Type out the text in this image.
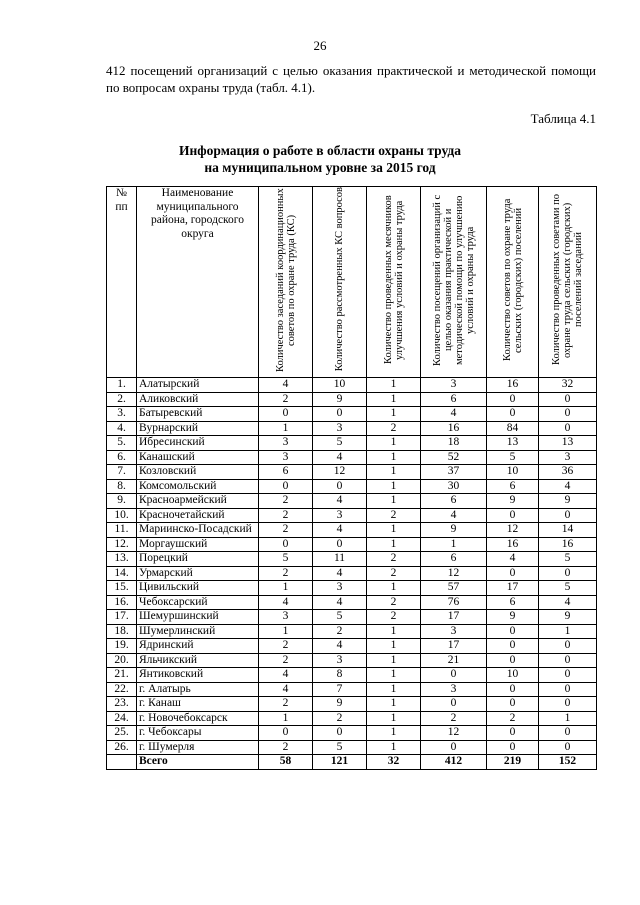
26
412 посещений организаций с целью оказания практической и методической помощи по вопросам охраны труда (табл. 4.1).
Таблица 4.1
Информация о работе в области охраны труда
на муниципальном уровне за 2015 год
№ пп	Наименование муниципального района, городского округа	Количество заседаний координационных советов по охране труда (КС)	Количество рассмотренных КС вопросов	Количество проведенных месячников улучшения условий и охраны труда	Количество посещений организаций с целью оказания практической и методической помощи по улучшению условий и охраны труда	Количество советов по охране труда сельских (городских) поселений	Количество проведенных советами по охране труда сельских (городских) поселений заседаний

1.	Алатырский	4	10	1	3	16	32
2.	Аликовский	2	9	1	6	0	0
3.	Батыревский	0	0	1	4	0	0
4.	Вурнарский	1	3	2	16	84	0
5.	Ибресинский	3	5	1	18	13	13
6.	Канашский	3	4	1	52	5	3
7.	Козловский	6	12	1	37	10	36
8.	Комсомольский	0	0	1	30	6	4
9.	Красноармейский	2	4	1	6	9	9
10.	Красночетайский	2	3	2	4	0	0
11.	Мариинско-Посадский	2	4	1	9	12	14
12.	Моргаушский	0	0	1	1	16	16
13.	Порецкий	5	11	2	6	4	5
14.	Урмарский	2	4	2	12	0	0
15.	Цивильский	1	3	1	57	17	5
16.	Чебоксарский	4	4	2	76	6	4
17.	Шемуршинский	3	5	2	17	9	9
18.	Шумерлинский	1	2	1	3	0	1
19.	Ядринский	2	4	1	17	0	0
20.	Яльчикский	2	3	1	21	0	0
21.	Янтиковский	4	8	1	0	10	0
22.	г. Алатырь	4	7	1	3	0	0
23.	г. Канаш	2	9	1	0	0	0
24.	г. Новочебоксарск	1	2	1	2	2	1
25.	г. Чебоксары	0	0	1	12	0	0
26.	г. Шумерля	2	5	1	0	0	0
	Всего	58	121	32	412	219	152
